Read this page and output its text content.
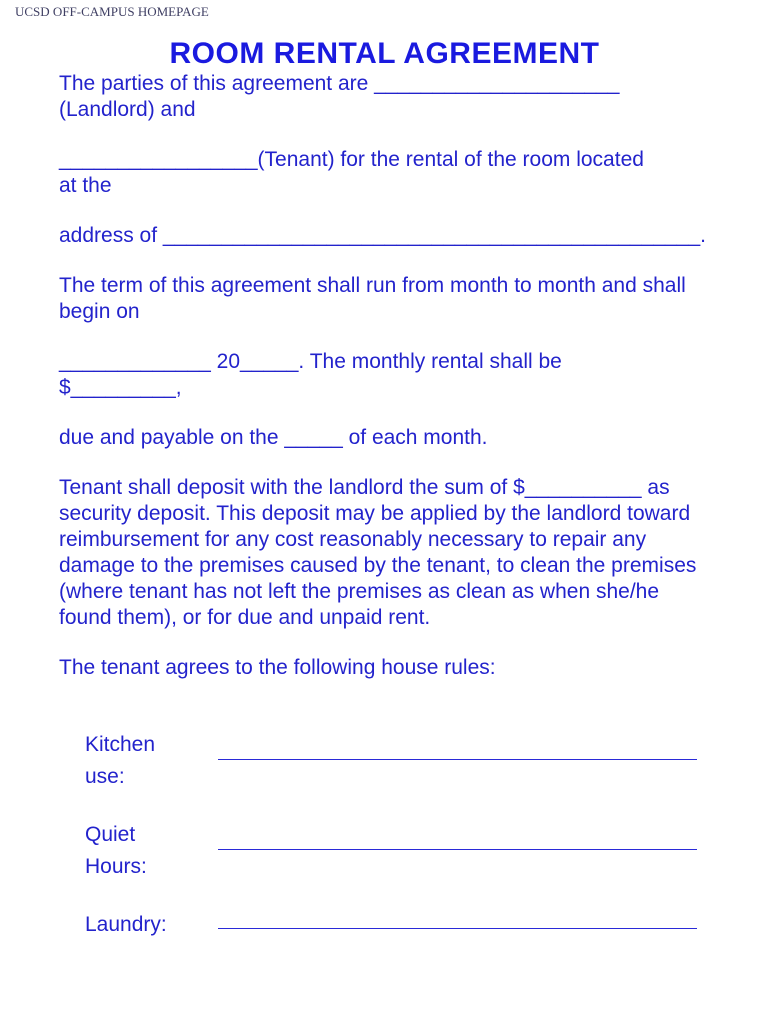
UCSD OFF-CAMPUS HOMEPAGE
ROOM RENTAL AGREEMENT
The parties of this agreement are _____________________
(Landlord) and
_________________(Tenant) for the rental of the room located
at the
address of ______________________________________________.
The term of this agreement shall run from month to month and shall
begin on
_____________ 20_____. The monthly rental shall be
$_________,
due and payable on the _____ of each month.
Tenant shall deposit with the landlord the sum of $__________ as
security deposit. This deposit may be applied by the landlord toward
reimbursement for any cost reasonably necessary to repair any
damage to the premises caused by the tenant, to clean the premises
(where tenant has not left the premises as clean as when she/he
found them), or for due and unpaid rent.
The tenant agrees to the following house rules:
Kitchen
use:
Quiet
Hours:
Laundry:
